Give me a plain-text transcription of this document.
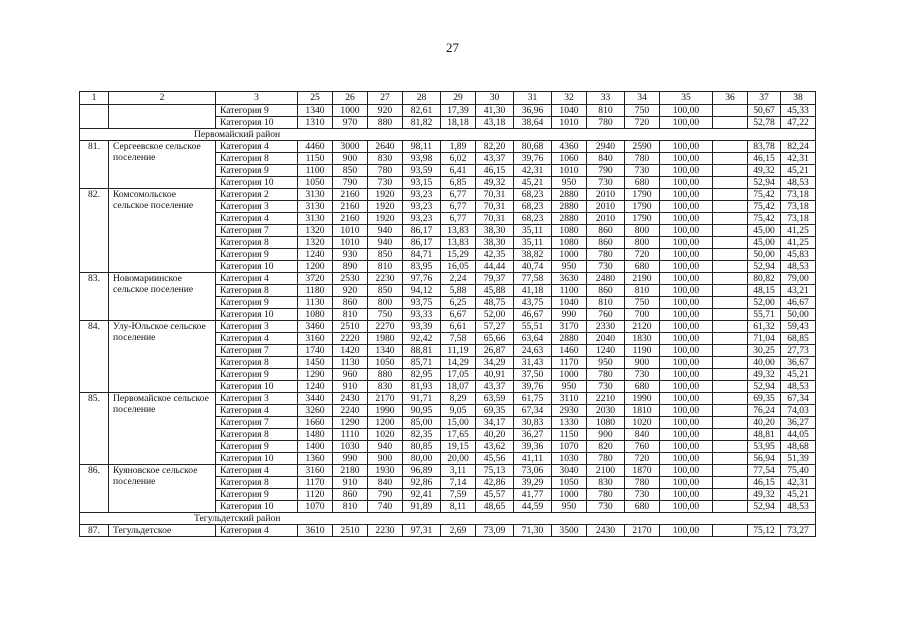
27
1	2	3	25	26	27	28	29	30	31	32	33	34	35	36	37	38
		Категория 9	1340	1000	920	82,61	17,39	41,30	36,96	1040	810	750	100,00		50,67	45,33
		Категория 10	1310	970	880	81,82	18,18	43,18	38,64	1010	780	720	100,00		52,78	47,22
Первомайский район																
81.	Сергеевское сельское поселение	Категория 4	4460	3000	2640	98,11	1,89	82,20	80,68	4360	2940	2590	100,00		83,78	82,24
		Категория 8	1150	900	830	93,98	6,02	43,37	39,76	1060	840	780	100,00		46,15	42,31
		Категория 9	1100	850	780	93,59	6,41	46,15	42,31	1010	790	730	100,00		49,32	45,21
		Категория 10	1050	790	730	93,15	6,85	49,32	45,21	950	730	680	100,00		52,94	48,53
82.	Комсомольское сельское поселение	Категория 2	3130	2160	1920	93,23	6,77	70,31	68,23	2880	2010	1790	100,00		75,42	73,18
		Категория 3	3130	2160	1920	93,23	6,77	70,31	68,23	2880	2010	1790	100,00		75,42	73,18
		Категория 4	3130	2160	1920	93,23	6,77	70,31	68,23	2880	2010	1790	100,00		75,42	73,18
		Категория 7	1320	1010	940	86,17	13,83	38,30	35,11	1080	860	800	100,00		45,00	41,25
		Категория 8	1320	1010	940	86,17	13,83	38,30	35,11	1080	860	800	100,00		45,00	41,25
		Категория 9	1240	930	850	84,71	15,29	42,35	38,82	1000	780	720	100,00		50,00	45,83
		Категория 10	1200	890	810	83,95	16,05	44,44	40,74	950	730	680	100,00		52,94	48,53
83.	Новомариинское сельское поселение	Категория 4	3720	2530	2230	97,76	2,24	79,37	77,58	3630	2480	2190	100,00		80,82	79,00
		Категория 8	1180	920	850	94,12	5,88	45,88	41,18	1100	860	810	100,00		48,15	43,21
		Категория 9	1130	860	800	93,75	6,25	48,75	43,75	1040	810	750	100,00		52,00	46,67
		Категория 10	1080	810	750	93,33	6,67	52,00	46,67	990	760	700	100,00		55,71	50,00
84.	Улу-Юльское сельское поселение	Категория 3	3460	2510	2270	93,39	6,61	57,27	55,51	3170	2330	2120	100,00		61,32	59,43
		Категория 4	3160	2220	1980	92,42	7,58	65,66	63,64	2880	2040	1830	100,00		71,04	68,85
		Категория 7	1740	1420	1340	88,81	11,19	26,87	24,63	1460	1240	1190	100,00		30,25	27,73
		Категория 8	1450	1130	1050	85,71	14,29	34,29	31,43	1170	950	900	100,00		40,00	36,67
		Категория 9	1290	960	880	82,95	17,05	40,91	37,50	1000	780	730	100,00		49,32	45,21
		Категория 10	1240	910	830	81,93	18,07	43,37	39,76	950	730	680	100,00		52,94	48,53
85.	Первомайское сельское поселение	Категория 3	3440	2430	2170	91,71	8,29	63,59	61,75	3110	2210	1990	100,00		69,35	67,34
		Категория 4	3260	2240	1990	90,95	9,05	69,35	67,34	2930	2030	1810	100,00		76,24	74,03
		Категория 7	1660	1290	1200	85,00	15,00	34,17	30,83	1330	1080	1020	100,00		40,20	36,27
		Категория 8	1480	1110	1020	82,35	17,65	40,20	36,27	1150	900	840	100,00		48,81	44,05
		Категория 9	1400	1030	940	80,85	19,15	43,62	39,36	1070	820	760	100,00		53,95	48,68
		Категория 10	1360	990	900	80,00	20,00	45,56	41,11	1030	780	720	100,00		56,94	51,39
86.	Куяновское сельское поселение	Категория 4	3160	2180	1930	96,89	3,11	75,13	73,06	3040	2100	1870	100,00		77,54	75,40
		Категория 8	1170	910	840	92,86	7,14	42,86	39,29	1050	830	780	100,00		46,15	42,31
		Категория 9	1120	860	790	92,41	7,59	45,57	41,77	1000	780	730	100,00		49,32	45,21
		Категория 10	1070	810	740	91,89	8,11	48,65	44,59	950	730	680	100,00		52,94	48,53
Тегульдетский район																
87.	Тегульдетское	Категория 4	3610	2510	2230	97,31	2,69	73,09	71,30	3500	2430	2170	100,00		75,12	73,27
